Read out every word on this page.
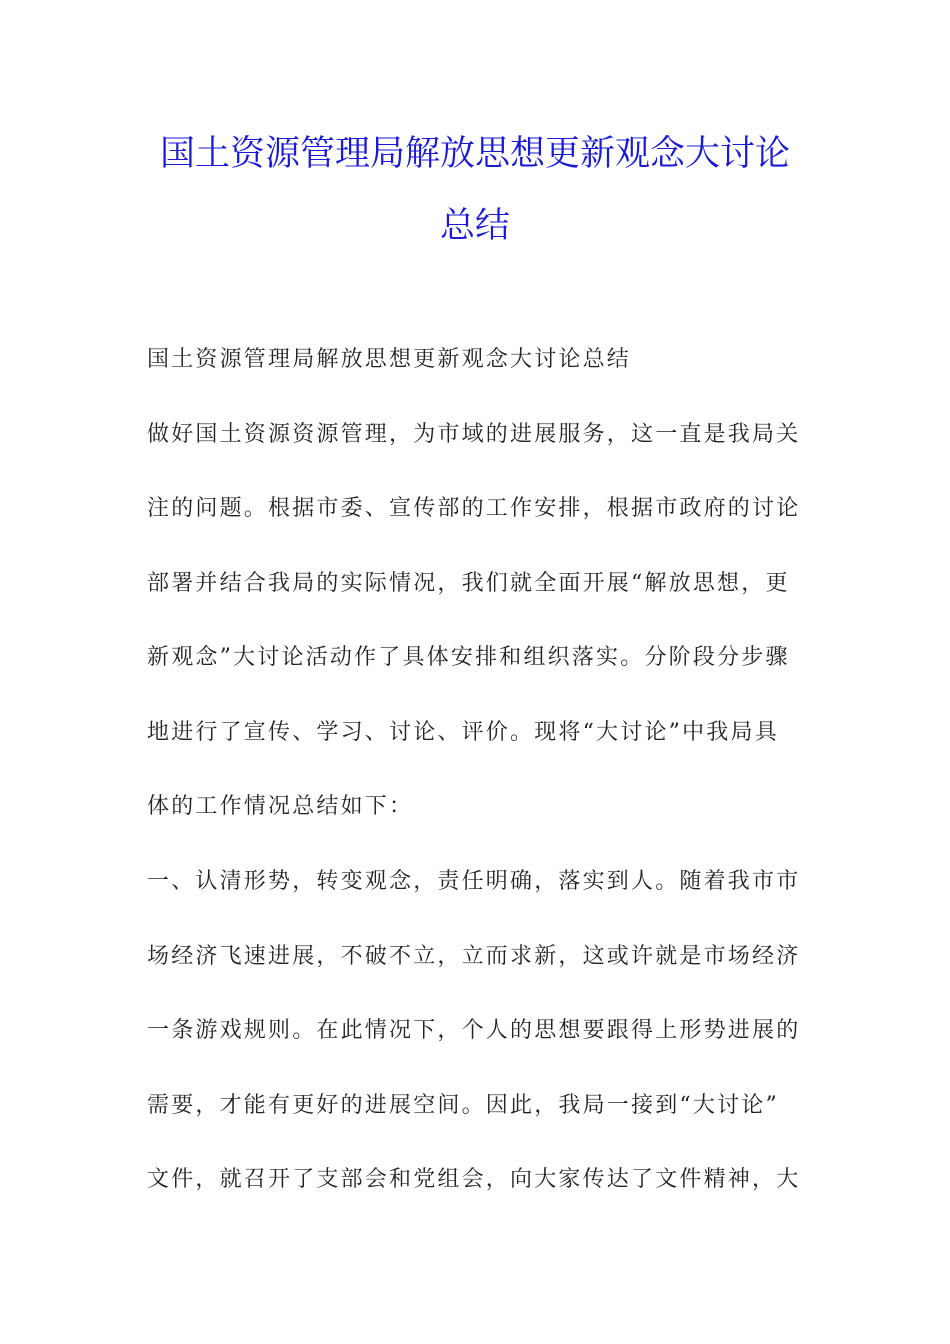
国土资源管理局解放思想更新观念大讨论
总结
国土资源管理局解放思想更新观念大讨论总结
做好国土资源资源管理，为市域的进展服务，这一直是我局关
注的问题。根据市委、宣传部的工作安排，根据市政府的讨论
部署并结合我局的实际情况，我们就全面开展“解放思想，更
新观念”大讨论活动作了具体安排和组织落实。分阶段分步骤
地进行了宣传、学习、讨论、评价。现将“大讨论”中我局具
体的工作情况总结如下：
一、认清形势，转变观念，责任明确，落实到人。随着我市市
场经济飞速进展，不破不立，立而求新，这或许就是市场经济
一条游戏规则。在此情况下，个人的思想要跟得上形势进展的
需要，才能有更好的进展空间。因此，我局一接到“大讨论”
文件，就召开了支部会和党组会，向大家传达了文件精神，大
